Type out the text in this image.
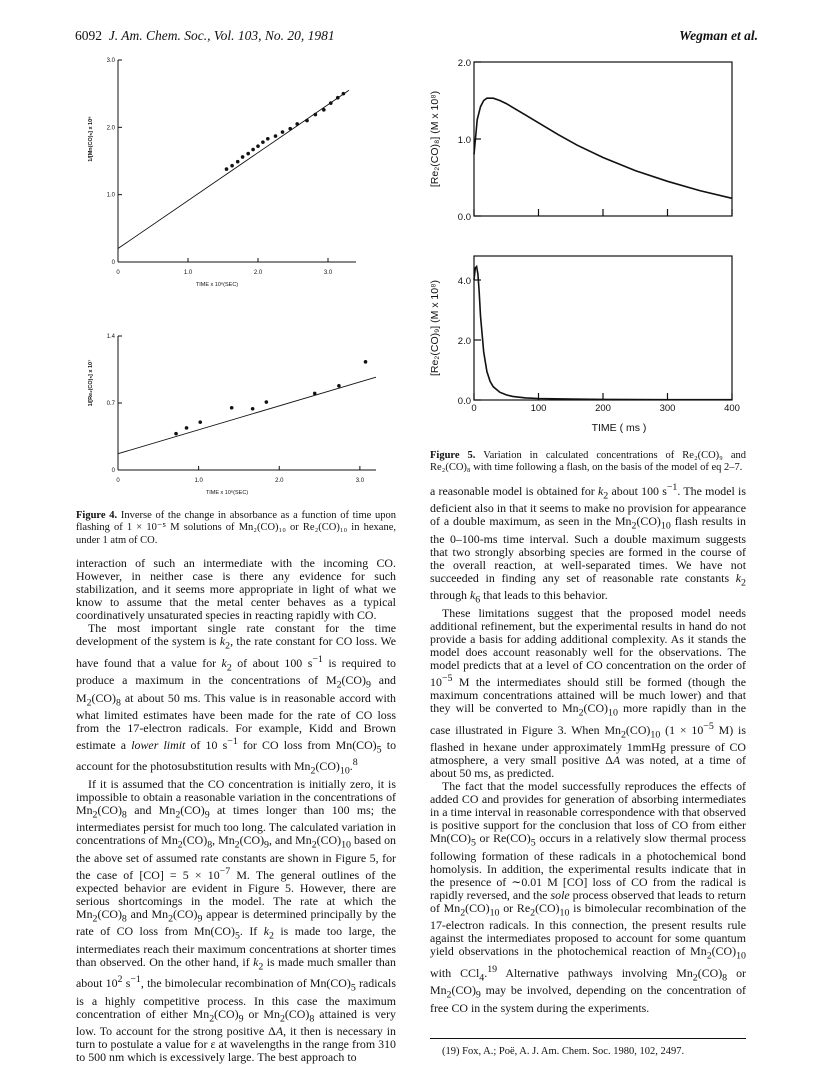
6092 J. Am. Chem. Soc., Vol. 103, No. 20, 1981	Wegman et al.
0	1.0	2.0	3.0
0
1.0
2.0
3.0
TIME x 10⁶(SEC)
1/[Mn(CO)₅] x 10⁶
0	1.0	2.0	3.0
0
0.7
1.4
TIME x 10⁶(SEC)
1/[Re₂(CO)₅] x 10⁷
0.0
1.0
2.0
[Re₂(CO)₈] (M x 10⁸)
0.0
2.0
4.0
0	100	200	300	400
[Re₂(CO)₉] (M x 10⁸)
TIME ( ms )
Figure 4. Inverse of the change in absorbance as a function of time upon flashing of 1 × 10⁻⁵ M solutions of Mn₂(CO)₁₀ or Re₂(CO)₁₀ in hexane, under 1 atm of CO.
Figure 5. Variation in calculated concentrations of Re₂(CO)₉ and Re₂(CO)₈ with time following a flash, on the basis of the model of eq 2–7.

interaction of such an intermediate with the incoming CO. However, in neither case is there any evidence for such stabilization, and it seems more appropriate in light of what we know to assume that the metal center behaves as a typical coordinatively unsaturated species in reacting rapidly with CO.

The most important single rate constant for the time development of the system is $k_2$, the rate constant for CO loss. We have found that a value for $k_2$ of about 100 $s^{-1}$ is required to produce a maximum in the concentrations of $M_2(CO)_9$ and $M_2(CO)_8$ at about 50 ms. This value is in reasonable accord with what limited estimates have been made for the rate of CO loss from the 17-electron radicals. For example, Kidd and Brown estimate a lower limit of 10 $s^{-1}$ for CO loss from $Mn(CO)_5$ to account for the photosubstitution results with $Mn_2(CO)_{10}.^8$

If it is assumed that the CO concentration is initially zero, it is impossible to obtain a reasonable variation in the concentrations of $Mn_2(CO)_8$ and $Mn_2(CO)_9$ at times longer than 100 ms; the intermediates persist for much too long. The calculated variation in concentrations of $Mn_2(CO)_8$, $Mn_2(CO)_9$, and $Mn_2(CO)_{10}$ based on the above set of assumed rate constants are shown in Figure 5, for the case of $[CO] = 5 \times 10^{-7}$ M. The general outlines of the expected behavior are evident in Figure 5. However, there are serious shortcomings in the model. The rate at which the $Mn_2(CO)_8$ and $Mn_2(CO)_9$ appear is determined principally by the rate of CO loss from $Mn(CO)_5$. If $k_2$ is made too large, the intermediates reach their maximum concentrations at shorter times than observed. On the other hand, if $k_2$ is made much smaller than about $10^2$ $s^{-1}$, the bimolecular recombination of $Mn(CO)_5$ radicals is a highly competitive process. In this case the maximum concentration of either $Mn_2(CO)_9$ or $Mn_2(CO)_8$ attained is very low. To account for the strong positive ΔA, it then is necessary in turn to postulate a value for ε at wavelengths in the range from 310 to 500 nm which is excessively large. The best approach to

a reasonable model is obtained for $k_2$ about 100 $s^{-1}$. The model is deficient also in that it seems to make no provision for appearance of a double maximum, as seen in the $Mn_2(CO)_{10}$ flash results in the 0–100-ms time interval. Such a double maximum suggests that two strongly absorbing species are formed in the course of the overall reaction, at well-separated times. We have not succeeded in finding any set of reasonable rate constants $k_2$ through $k_6$ that leads to this behavior.

These limitations suggest that the proposed model needs additional refinement, but the experimental results in hand do not provide a basis for adding additional complexity. As it stands the model does account reasonably well for the observations. The model predicts that at a level of CO concentration on the order of $10^{-5}$ M the intermediates should still be formed (though the maximum concentrations attained will be much lower) and that they will be converted to $Mn_2(CO)_{10}$ more rapidly than in the case illustrated in Figure 3. When $Mn_2(CO)_{10}$ ($1 \times 10^{-5}$ M) is flashed in hexane under approximately 1mmHg pressure of CO atmosphere, a very small positive ΔA was noted, at a time of about 50 ms, as predicted.

The fact that the model successfully reproduces the effects of added CO and provides for generation of absorbing intermediates in a time interval in reasonable correspondence with that observed is positive support for the conclusion that loss of CO from either $Mn(CO)_5$ or $Re(CO)_5$ occurs in a relatively slow thermal process following formation of these radicals in a photochemical bond homolysis. In addition, the experimental results indicate that in the presence of ∼0.01 M [CO] loss of CO from the radical is rapidly reversed, and the sole process observed that leads to return of $Mn_2(CO)_{10}$ or $Re_2(CO)_{10}$ is bimolecular recombination of the 17-electron radicals. In this connection, the present results rule against the intermediates proposed to account for some quantum yield observations in the photochemical reaction of $Mn_2(CO)_{10}$ with CCl$_4$.$^{19}$ Alternative pathways involving $Mn_2(CO)_8$ or $Mn_2(CO)_9$ may be involved, depending on the concentration of free CO in the system during the experiments.

(19) Fox, A.; Poë, A. J. Am. Chem. Soc. 1980, 102, 2497.
